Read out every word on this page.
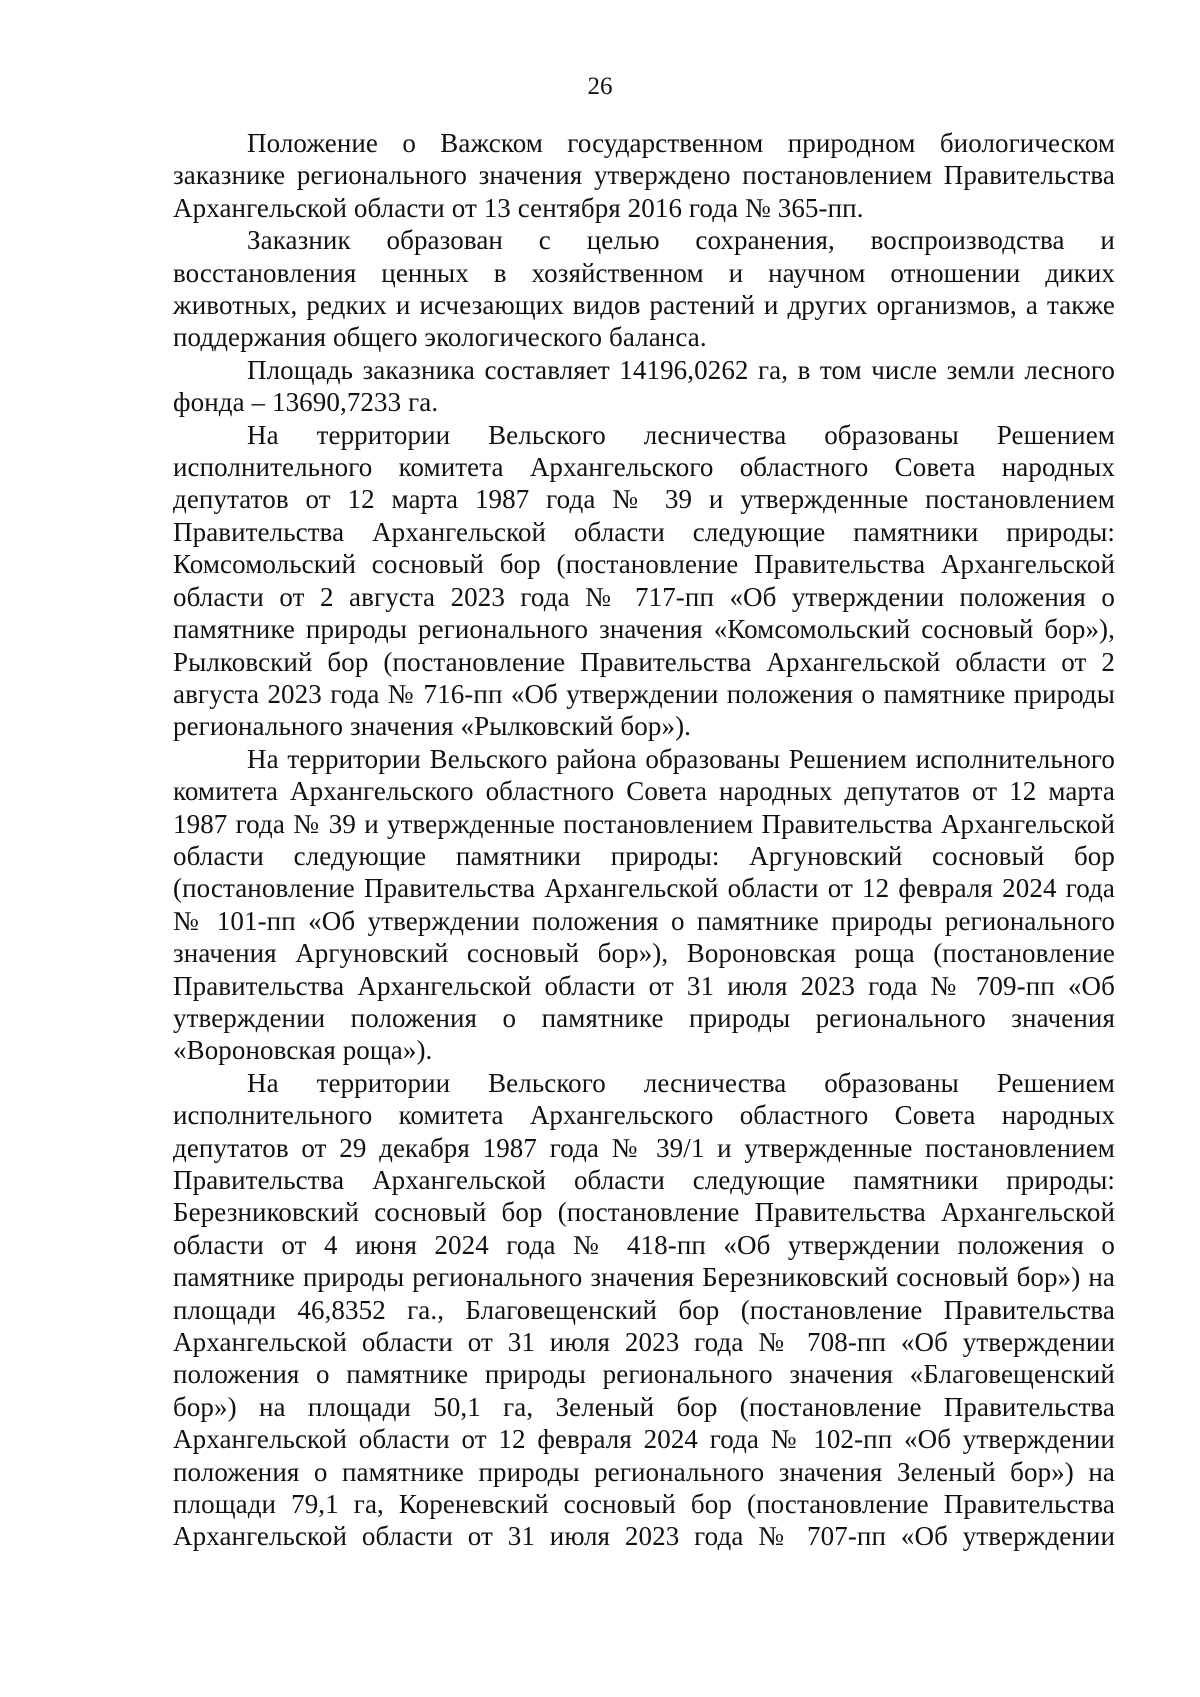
26

Положение о Важском государственном природном биологическом заказнике регионального значения утверждено постановлением Правительства Архангельской области от 13 сентября 2016 года № 365-пп.

Заказник образован с целью сохранения, воспроизводства и восстановления ценных в хозяйственном и научном отношении диких животных, редких и исчезающих видов растений и других организмов, а также поддержания общего экологического баланса.

Площадь заказника составляет 14196,0262 га, в том числе земли лесного фонда – 13690,7233 га.

На территории Вельского лесничества образованы Решением исполнительного комитета Архангельского областного Совета народных депутатов от 12 марта 1987 года № 39 и утвержденные постановлением Правительства Архангельской области следующие памятники природы: Комсомольский сосновый бор (постановление Правительства Архангельской области от 2 августа 2023 года № 717-пп «Об утверждении положения о памятнике природы регионального значения «Комсомольский сосновый бор»), Рылковский бор (постановление Правительства Архангельской области от 2 августа 2023 года № 716-пп «Об утверждении положения о памятнике природы регионального значения «Рылковский бор»).

На территории Вельского района образованы Решением исполнительного комитета Архангельского областного Совета народных депутатов от 12 марта 1987 года № 39 и утвержденные постановлением Правительства Архангельской области следующие памятники природы: Аргуновский сосновый бор (постановление Правительства Архангельской области от 12 февраля 2024 года № 101-пп «Об утверждении положения о памятнике природы регионального значения Аргуновский сосновый бор»), Вороновская роща (постановление Правительства Архангельской области от 31 июля 2023 года № 709-пп «Об утверждении положения о памятнике природы регионального значения «Вороновская роща»).

На территории Вельского лесничества образованы Решением исполнительного комитета Архангельского областного Совета народных депутатов от 29 декабря 1987 года № 39/1 и утвержденные постановлением Правительства Архангельской области следующие памятники природы: Березниковский сосновый бор (постановление Правительства Архангельской области от 4 июня 2024 года № 418-пп «Об утверждении положения о памятнике природы регионального значения Березниковский сосновый бор») на площади 46,8352 га., Благовещенский бор (постановление Правительства Архангельской области от 31 июля 2023 года № 708-пп «Об утверждении положения о памятнике природы регионального значения «Благовещенский бор») на площади 50,1 га, Зеленый бор (постановление Правительства Архангельской области от 12 февраля 2024 года № 102-пп «Об утверждении положения о памятнике природы регионального значения Зеленый бор») на площади 79,1 га, Кореневский сосновый бор (постановление Правительства Архангельской области от 31 июля 2023 года № 707-пп «Об утверждении
